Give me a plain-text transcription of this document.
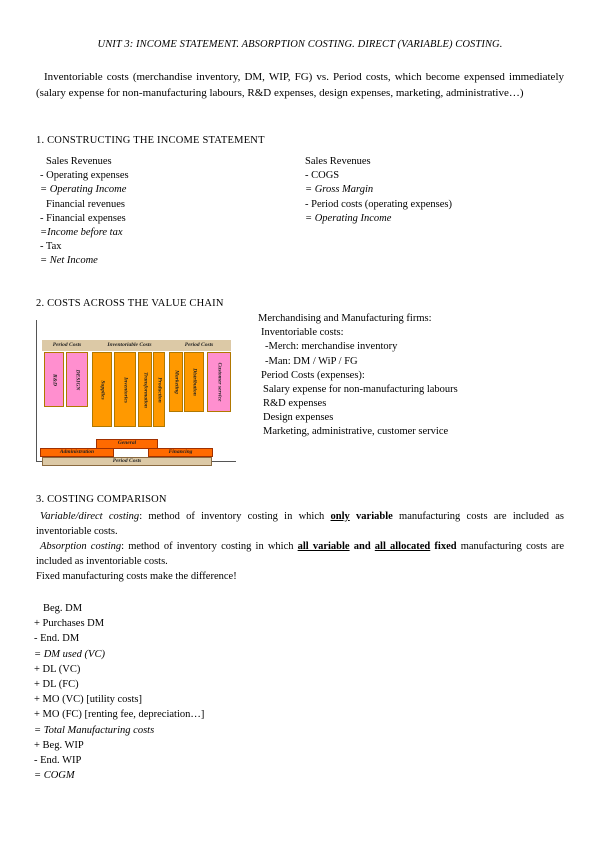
UNIT 3: INCOME STATEMENT. ABSORPTION COSTING. DIRECT (VARIABLE) COSTING.
Inventoriable costs (merchandise inventory, DM, WIP, FG) vs. Period costs, which become expensed immediately (salary expense for non-manufacturing labours, R&D expenses, design expenses, marketing, administrative…)
1. CONSTRUCTING THE INCOME STATEMENT
Sales Revenues
- Operating expenses
= Operating Income
Financial revenues
- Financial expenses
=Income before tax
- Tax
= Net Income
Sales Revenues
- COGS
= Gross Margin
- Period costs (operating expenses)
= Operating Income
2. COSTS ACROSS THE VALUE CHAIN
Period Costs	Inventoriable Costs	Period Costs
R&D	DESIGN	Supplies	Inventories	Transformation Production Marketing Distribution	Customer service
General
Administration	Financing
Period Costs
Merchandising and Manufacturing firms:
Inventoriable costs:
-Merch: merchandise inventory
-Man: DM / WiP / FG
Period Costs (expenses):
Salary expense for non-manufacturing labours
R&D expenses
Design expenses
Marketing, administrative, customer service
3. COSTING COMPARISON
Variable/direct costing: method of inventory costing in which only variable manufacturing costs are included as inventoriable costs.
Absorption costing: method of inventory costing in which all variable and all allocated fixed manufacturing costs are included as inventoriable costs.
Fixed manufacturing costs make the difference!
Beg. DM
+ Purchases DM
- End. DM
= DM used (VC)
+ DL (VC)
+ DL (FC)
+ MO (VC) [utility costs]
+ MO (FC) [renting fee, depreciation…]
= Total Manufacturing costs
+ Beg. WIP
- End. WIP
= COGM
